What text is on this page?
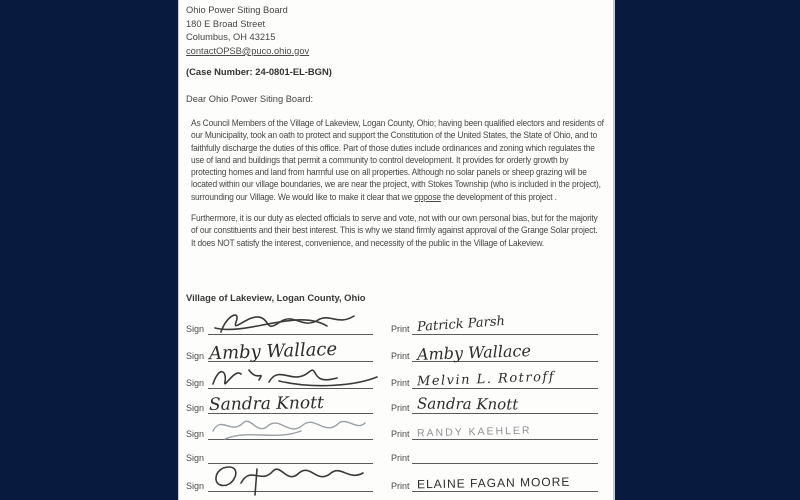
Ohio Power Siting Board
180 E Broad Street
Columbus, OH 43215
contactOPSB@puco.ohio.gov
(Case Number: 24-0801-EL-BGN)
Dear Ohio Power Siting Board:
As Council Members of the Village of Lakeview, Logan County, Ohio; having been qualified electors and residents of
our Municipality, took an oath to protect and support the Constitution of the United States, the State of Ohio, and to
faithfully discharge the duties of this office. Part of those duties include ordinances and zoning which regulates the
use of land and buildings that permit a community to control development. It provides for orderly growth by
protecting homes and land from harmful use on all properties. Although no solar panels or sheep grazing will be
located within our village boundaries, we are near the project, with Stokes Township (who is included in the project),
surrounding our Village. We would like to make it clear that we oppose the development of this project .
Furthermore, it is our duty as elected officials to serve and vote, not with our own personal bias, but for the majority
of our constituents and their best interest. This is why we stand firmly against approval of the Grange Solar project.
It does NOT satisfy the interest, convenience, and necessity of the public in the Village of Lakeview.
Village of Lakeview, Logan County, Ohio
Sign	Print Patrick Parsh
Sign Amby Wallace	Print Amby Wallace
Sign	Print Melvin L. Rotroff
Sign Sandra Knott	Print Sandra Knott
Sign	Print RANDY KAEHLER
Sign	Print
Sign	Print ELAINE FAGAN MOORE
